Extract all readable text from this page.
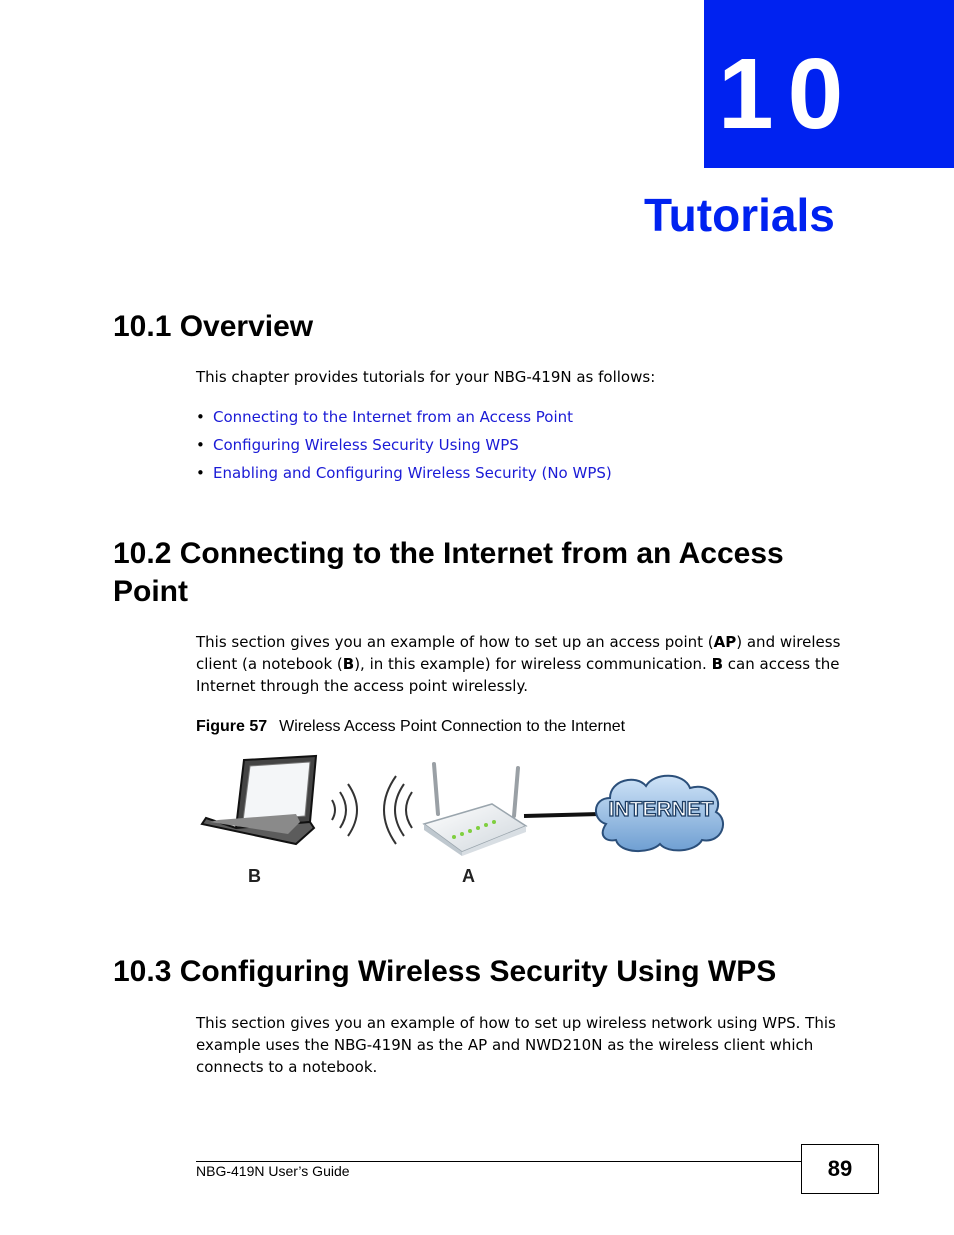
10
Tutorials
10.1 Overview

This chapter provides tutorials for your NBG-419N as follows:

• Connecting to the Internet from an Access Point
• Configuring Wireless Security Using WPS
• Enabling and Configuring Wireless Security (No WPS)
10.2 Connecting to the Internet from an Access Point

This section gives you an example of how to set up an access point (AP) and wireless client (a notebook (B), in this example) for wireless communication. B can access the Internet through the access point wirelessly.

Figure 57 Wireless Access Point Connection to the Internet
INTERNET
B	A
10.3 Configuring Wireless Security Using WPS

This section gives you an example of how to set up wireless network using WPS. This example uses the NBG-419N as the AP and NWD210N as the wireless client which connects to a notebook.

NBG-419N User’s Guide	89
